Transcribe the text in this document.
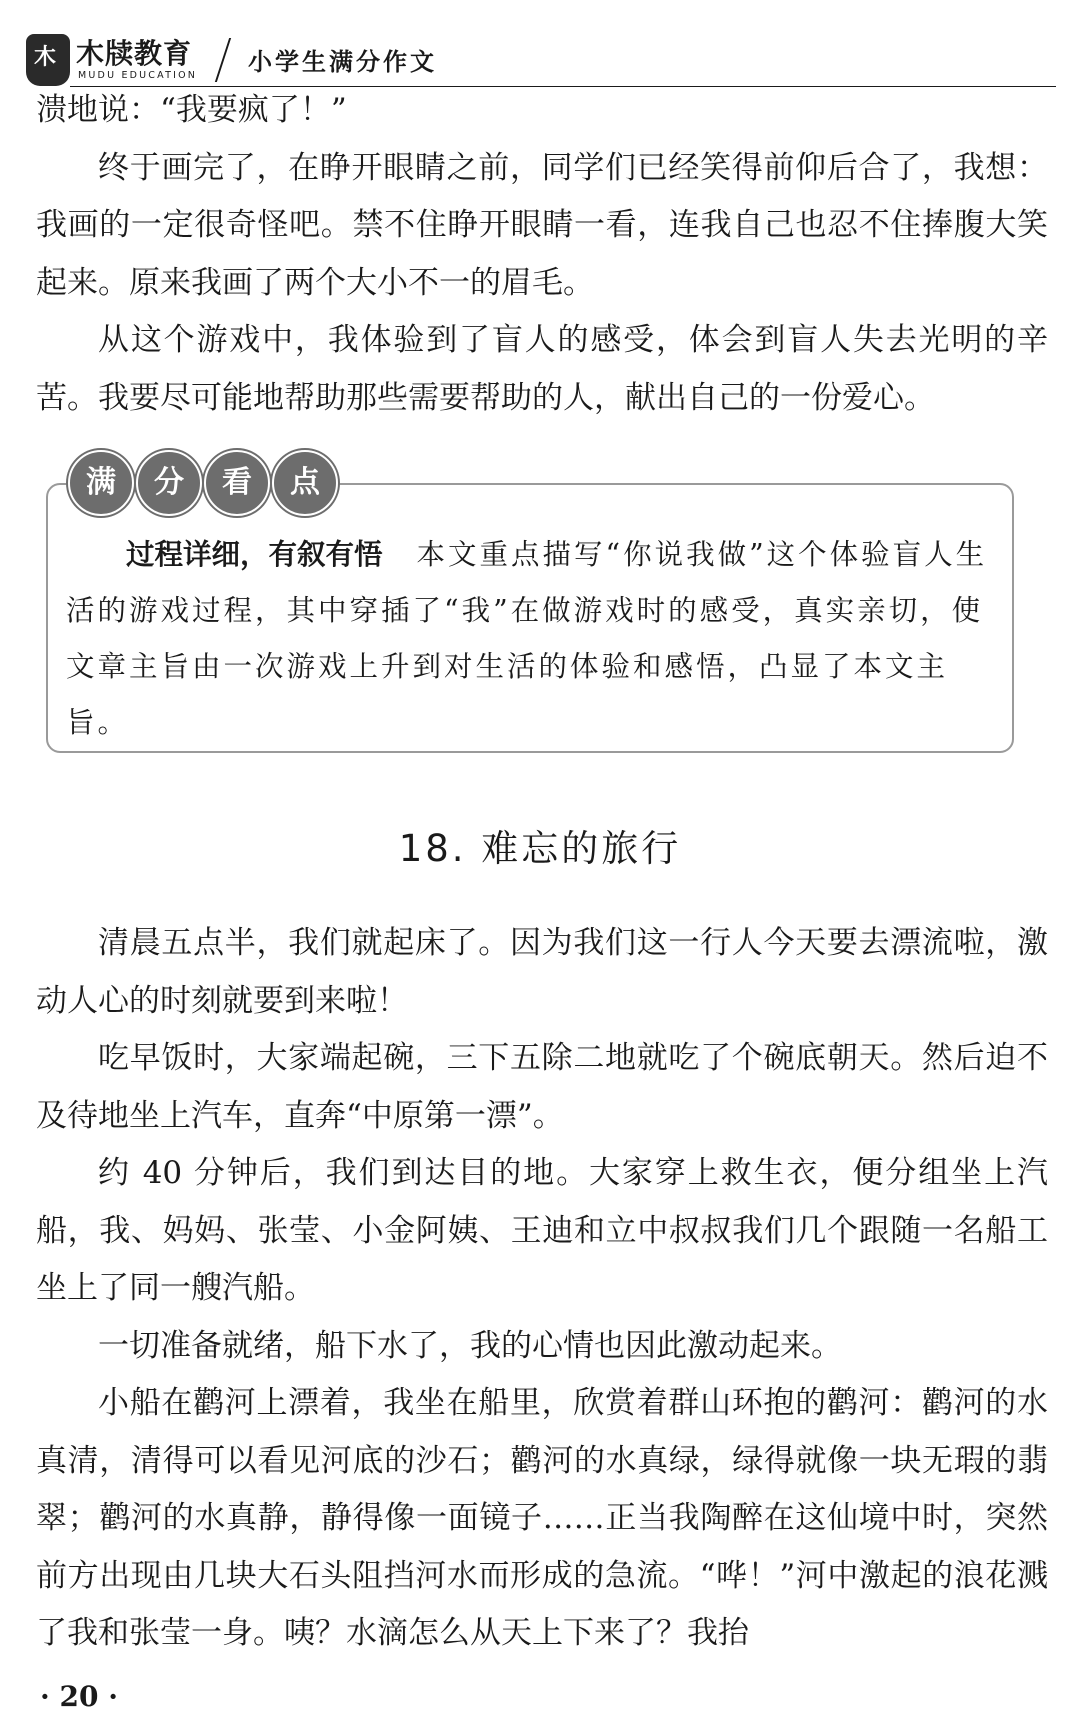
木 木牍教育
MUDU EDUCATION 小学生满分作文

溃地说：“我要疯了！”

终于画完了，在睁开眼睛之前，同学们已经笑得前仰后合了，我想：我画的一定很奇怪吧。禁不住睁开眼睛一看，连我自己也忍不住捧腹大笑起来。原来我画了两个大小不一的眉毛。

从这个游戏中，我体验到了盲人的感受，体会到盲人失去光明的辛苦。我要尽可能地帮助那些需要帮助的人，献出自己的一份爱心。

满	分	看	点
过程详细，有叙有悟 本文重点描写“你说我做”这个体验盲人生活的游戏过程，其中穿插了“我”在做游戏时的感受，真实亲切，使文章主旨由一次游戏上升到对生活的体验和感悟，凸显了本文主旨。
18. 难忘的旅行

清晨五点半，我们就起床了。因为我们这一行人今天要去漂流啦，激动人心的时刻就要到来啦！

吃早饭时，大家端起碗，三下五除二地就吃了个碗底朝天。然后迫不及待地坐上汽车，直奔“中原第一漂”。

约 40 分钟后，我们到达目的地。大家穿上救生衣，便分组坐上汽船，我、妈妈、张莹、小金阿姨、王迪和立中叔叔我们几个跟随一名船工坐上了同一艘汽船。

一切准备就绪，船下水了，我的心情也因此激动起来。

小船在鹳河上漂着，我坐在船里，欣赏着群山环抱的鹳河：鹳河的水真清，清得可以看见河底的沙石；鹳河的水真绿，绿得就像一块无瑕的翡翠；鹳河的水真静，静得像一面镜子……正当我陶醉在这仙境中时，突然前方出现由几块大石头阻挡河水而形成的急流。“哗！”河中激起的浪花溅了我和张莹一身。咦？水滴怎么从天上下来了？我抬

· 20 ·
